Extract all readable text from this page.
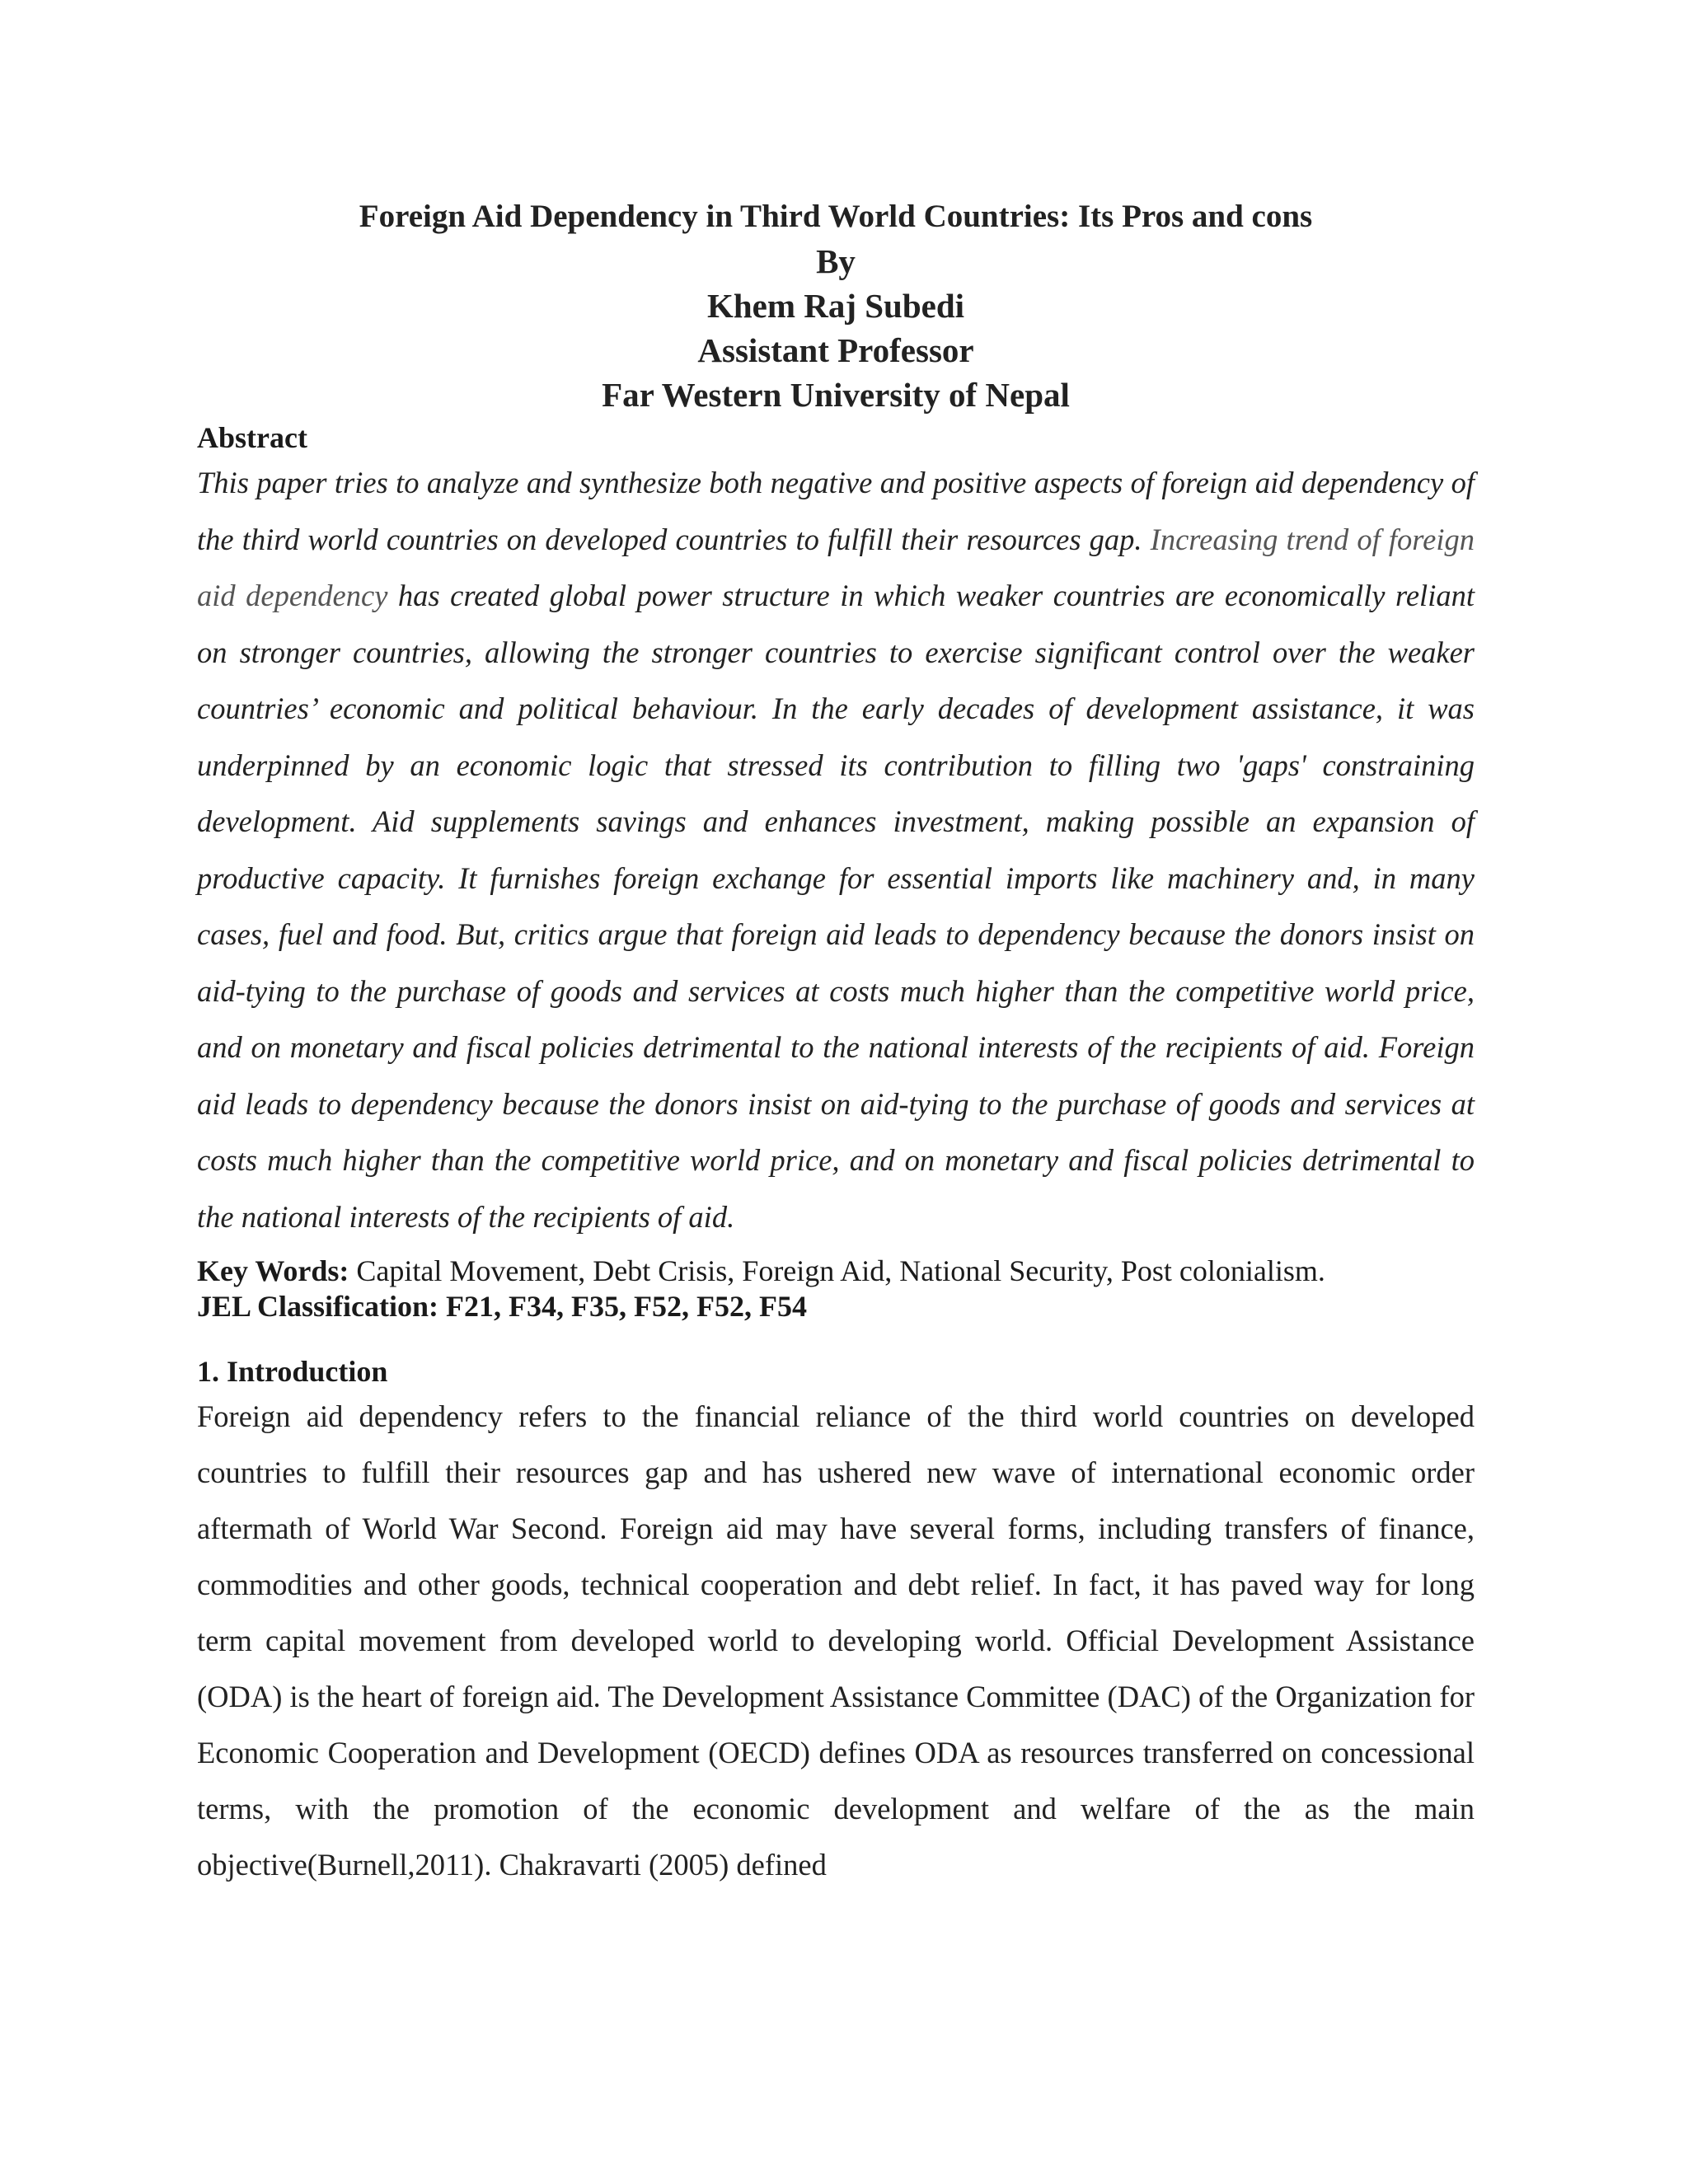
Foreign Aid Dependency in Third World Countries: Its Pros and cons
By
Khem Raj Subedi
Assistant Professor
Far Western University of Nepal
Abstract
This paper tries to analyze and synthesize both negative and positive aspects of foreign aid dependency of the third world countries on developed countries to fulfill their resources gap. Increasing trend of foreign aid dependency has created global power structure in which weaker countries are economically reliant on stronger countries, allowing the stronger countries to exercise significant control over the weaker countries’ economic and political behaviour. In the early decades of development assistance, it was underpinned by an economic logic that stressed its contribution to filling two 'gaps' constraining development. Aid supplements savings and enhances investment, making possible an expansion of productive capacity. It furnishes foreign exchange for essential imports like machinery and, in many cases, fuel and food. But, critics argue that foreign aid leads to dependency because the donors insist on aid-tying to the purchase of goods and services at costs much higher than the competitive world price, and on monetary and fiscal policies detrimental to the national interests of the recipients of aid. Foreign aid leads to dependency because the donors insist on aid-tying to the purchase of goods and services at costs much higher than the competitive world price, and on monetary and fiscal policies detrimental to the national interests of the recipients of aid.
Key Words: Capital Movement, Debt Crisis, Foreign Aid, National Security, Post colonialism.
JEL Classification: F21, F34, F35, F52, F52, F54
1. Introduction
Foreign aid dependency refers to the financial reliance of the third world countries on developed countries to fulfill their resources gap and has ushered new wave of international economic order aftermath of World War Second. Foreign aid may have several forms, including transfers of finance, commodities and other goods, technical cooperation and debt relief. In fact, it has paved way for long term capital movement from developed world to developing world. Official Development Assistance (ODA) is the heart of foreign aid. The Development Assistance Committee (DAC) of the Organization for Economic Cooperation and Development (OECD) defines ODA as resources transferred on concessional terms, with the promotion of the economic development and welfare of the as the main objective(Burnell,2011). Chakravarti (2005) defined
